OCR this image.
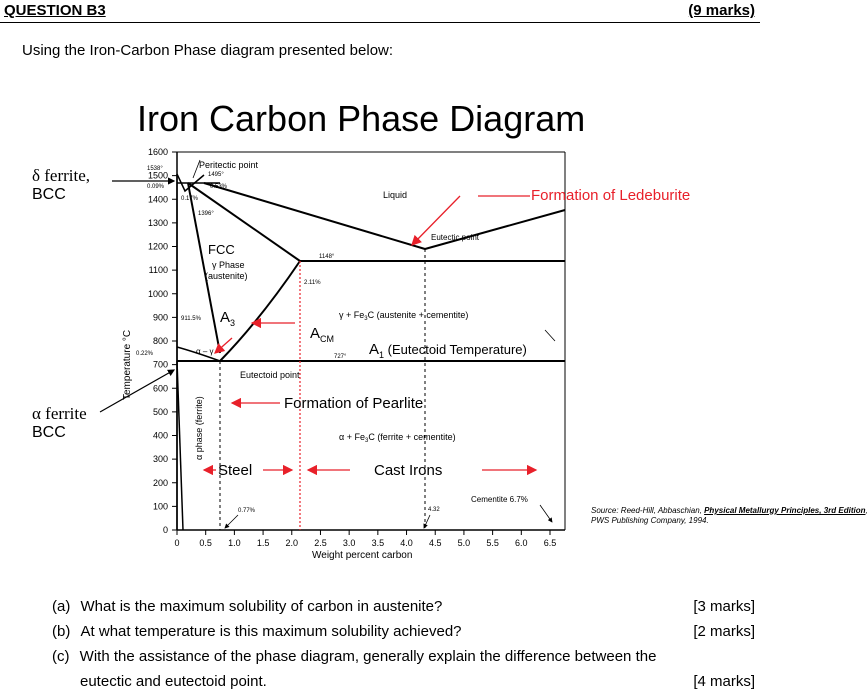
QUESTION B3	(9 marks)
Using the Iron-Carbon Phase diagram presented below:
Iron Carbon Phase Diagram
1600
1500
1400
1300
1200
1100
1000
900
800
700
600
500
400
300
200
100
0
0 0.5 1.0 1.5 2.0 2.5 3.0 3.5 4.0 4.5 5.0 5.5 6.0 6.5
Peritectic point
1538°
1495°
0.09%
0.17%
0.53%
1396°
Liquid
Eutectic point
1148°
2.11%
FCC
γ Phase
(austenite)
911.5% $A_3$
$A_{CM}$
$\gamma + Fe_3C$ (austenite + cementite)
0.22%	α – γ
727° $A_1$ (Eutectoid Temperature)
Eutectoid point
Formation of Pearlite
$\alpha + Fe_3C$ (ferrite + cementite)
Steel	Cast Irons
Cementite 6.7%
4.32
0.77%
α phase (ferrite)
Temperature °C
Weight percent carbon
δ ferrite,
BCC
α ferrite
BCC
Formation of Ledeburite
Source: Reed-Hill, Abbaschian, Physical Metallurgy Principles, 3rd Edition,
PWS Publishing Company, 1994.
(a) What is the maximum solubility of carbon in austenite?	[3 marks]
(b) At what temperature is this maximum solubility achieved?	[2 marks]
(c) With the assistance of the phase diagram, generally explain the difference between the
eutectic and eutectoid point.	[4 marks]
